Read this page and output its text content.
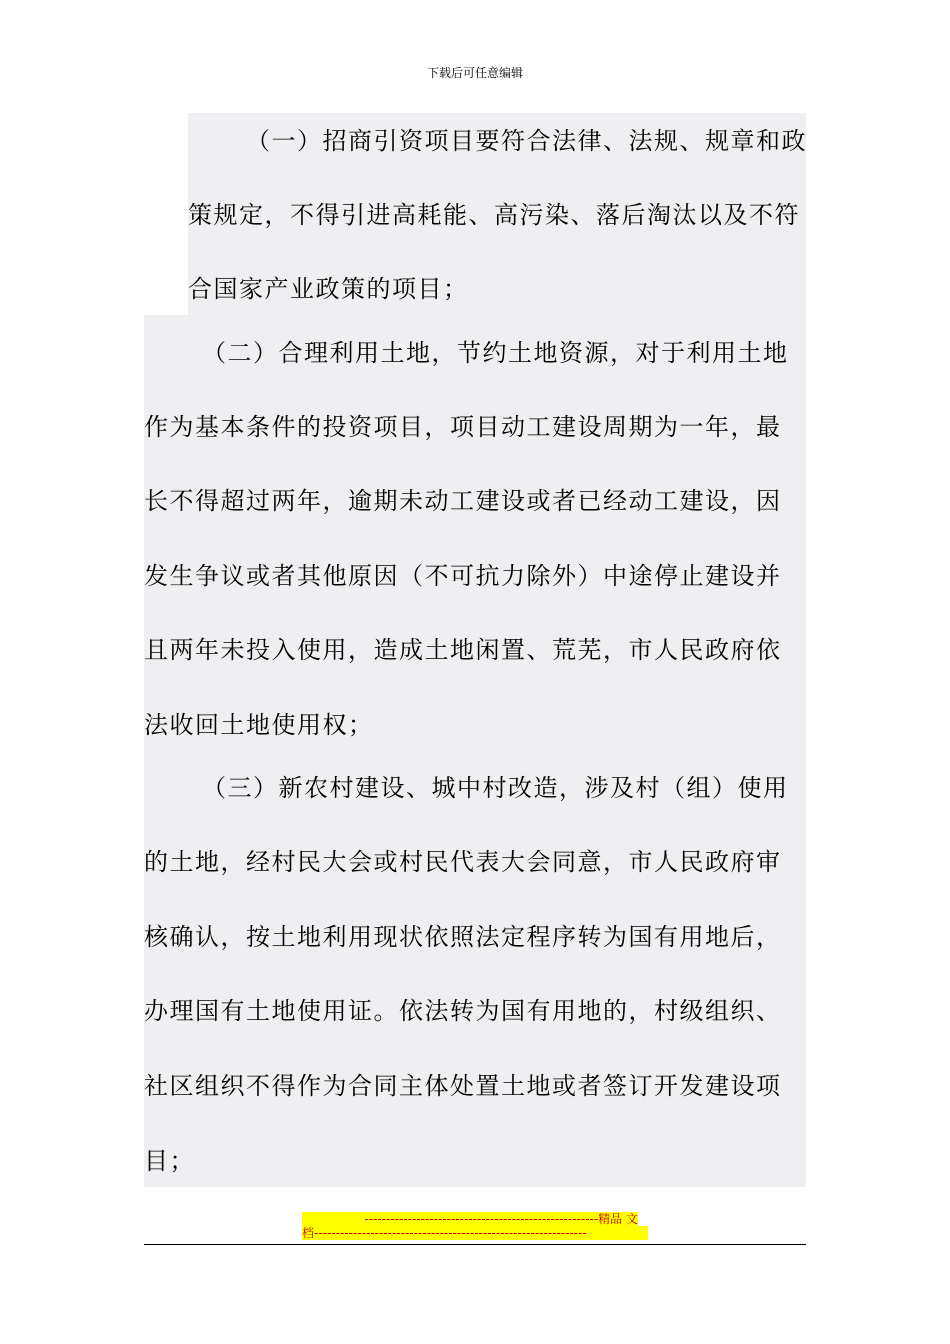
下载后可任意编辑
（一）招商引资项目要符合法律、法规、规章和政
策规定，不得引进高耗能、高污染、落后淘汰以及不符
合国家产业政策的项目；
（二）合理利用土地，节约土地资源，对于利用土地
作为基本条件的投资项目，项目动工建设周期为一年，最
长不得超过两年，逾期未动工建设或者已经动工建设，因
发生争议或者其他原因（不可抗力除外）中途停止建设并
且两年未投入使用，造成土地闲置、荒芜，市人民政府依
法收回土地使用权；
（三）新农村建设、城中村改造，涉及村（组）使用
的土地，经村民大会或村民代表大会同意，市人民政府审
核确认，按土地利用现状依照法定程序转为国有用地后，
办理国有土地使用证。依法转为国有用地的，村级组织、
社区组织不得作为合同主体处置土地或者签订开发建设项
目；
------------------------------------------------------精品 文
档---------------------------------------------------------------
